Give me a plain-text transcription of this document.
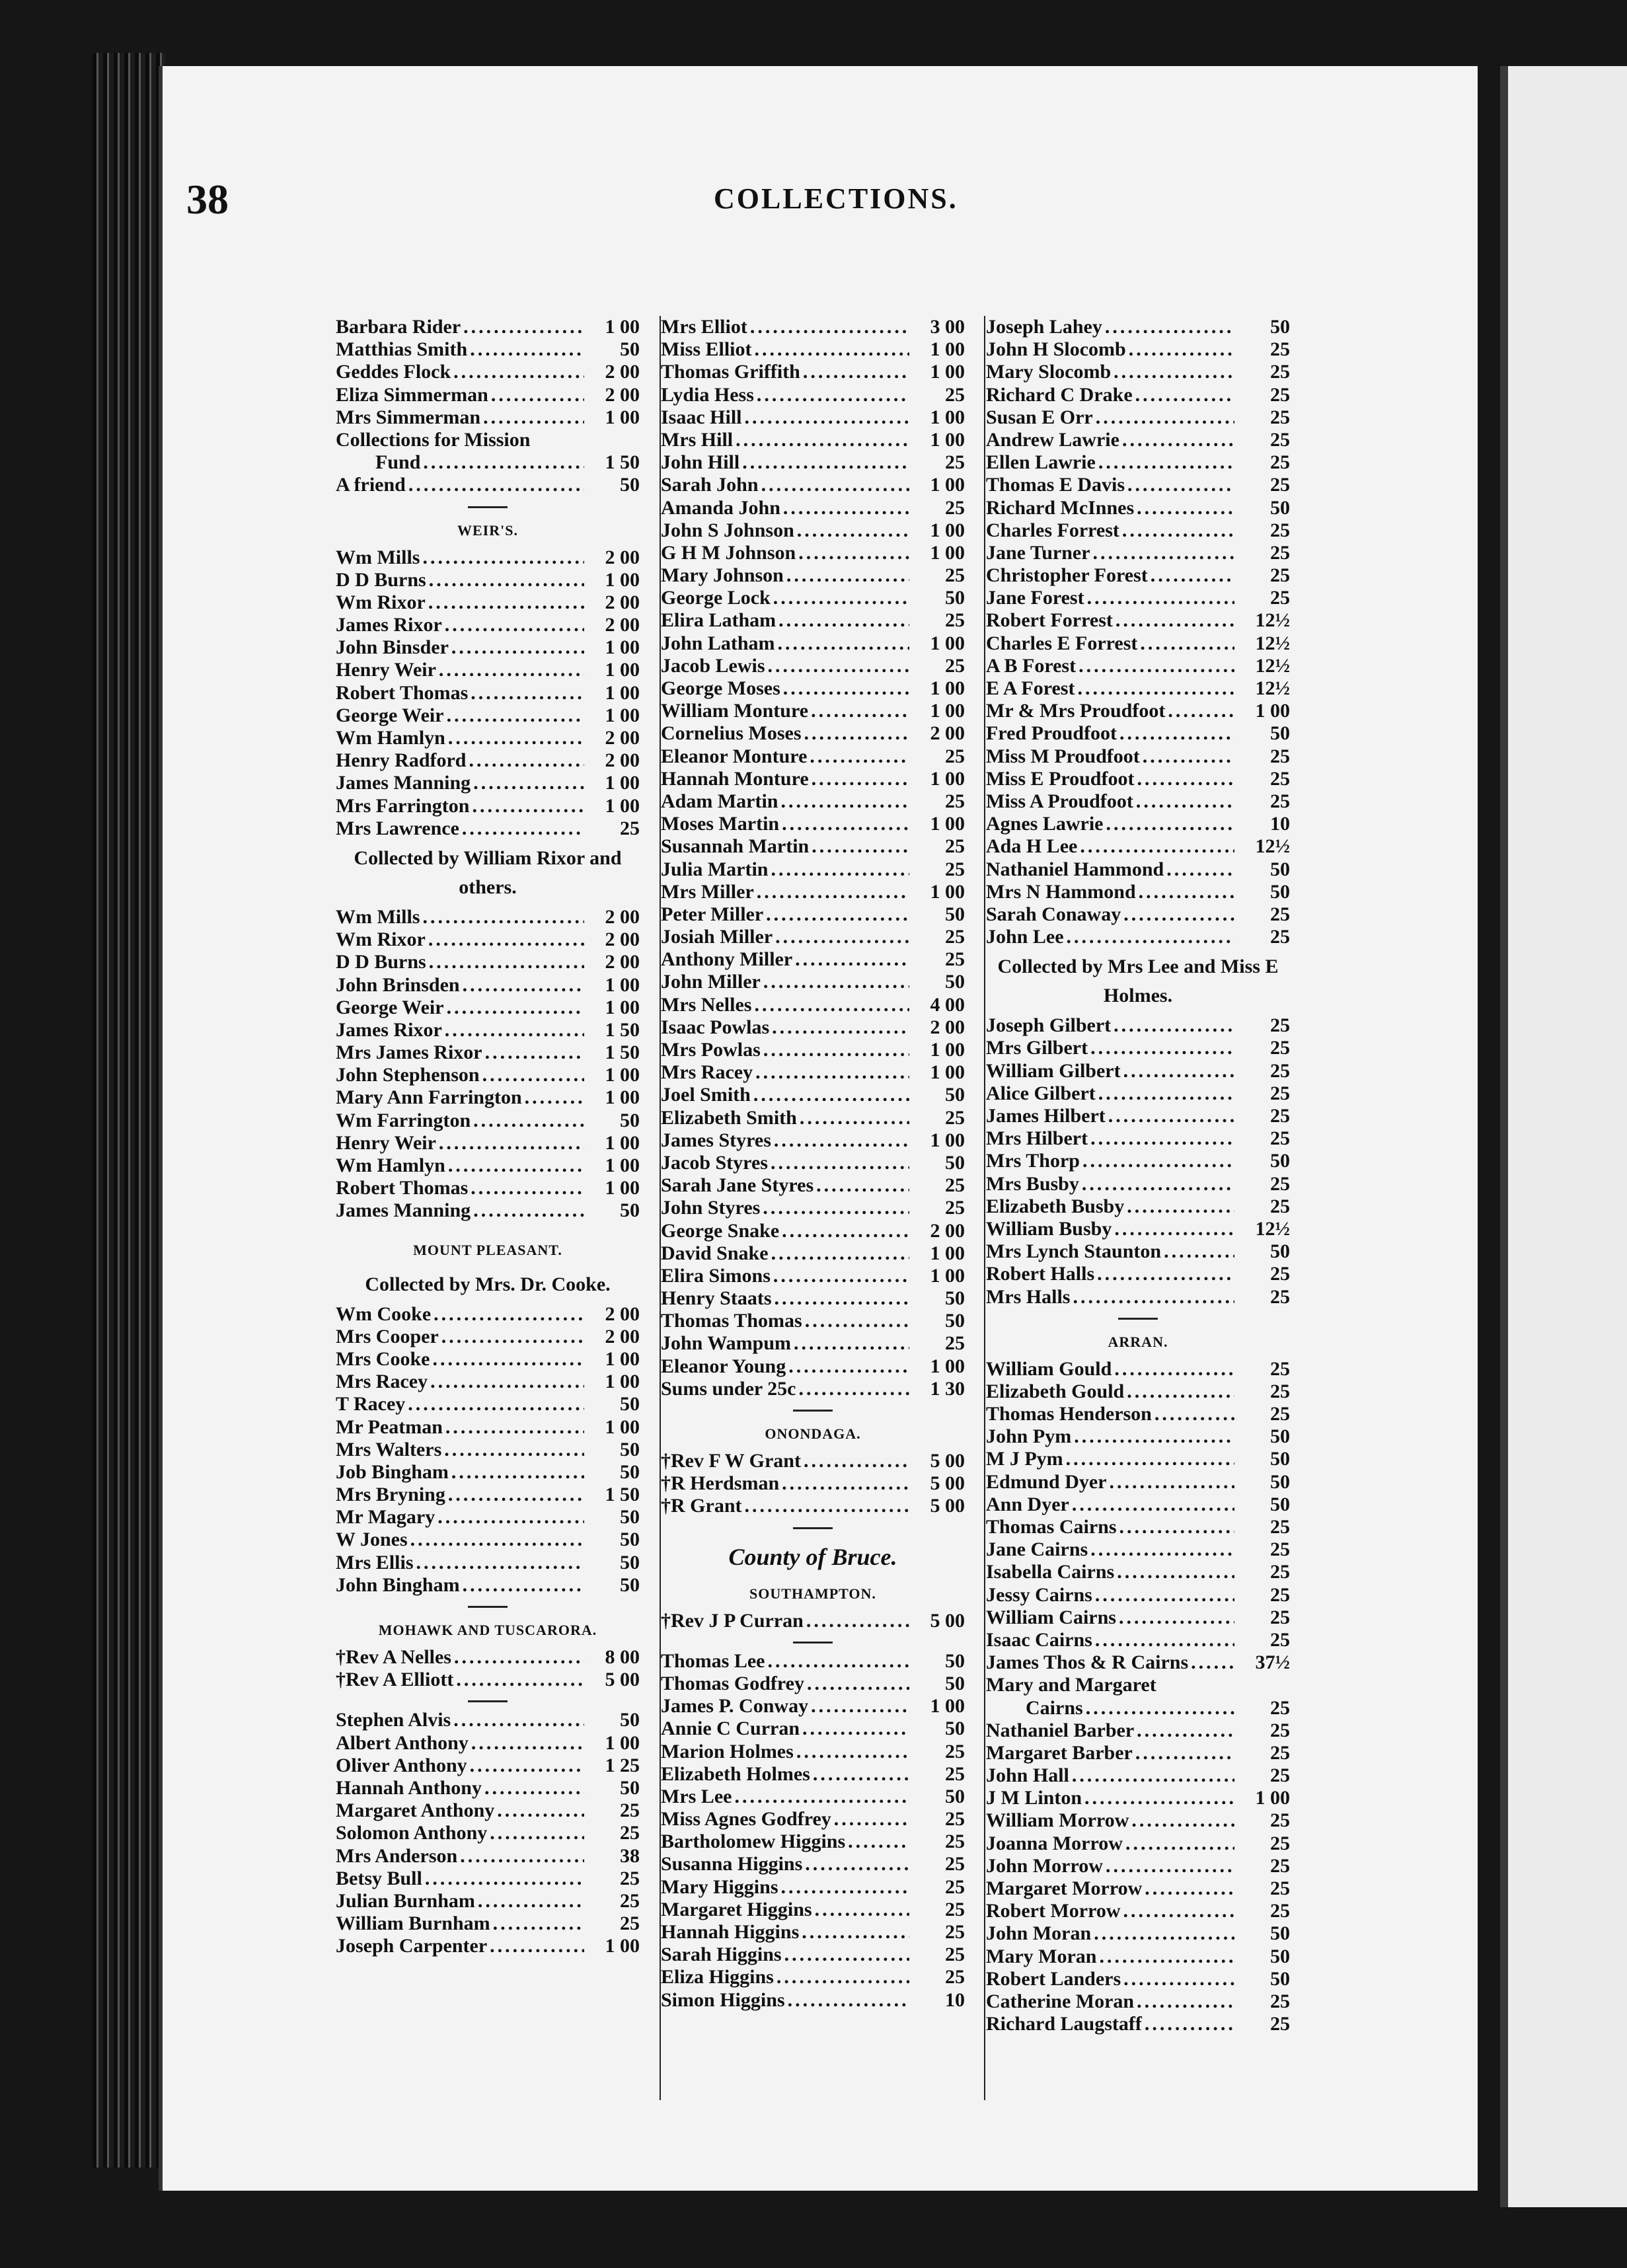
38	COLLECTIONS.
Barbara Rider .....	1 00
Matthias Smith .....	50
Geddes Flock .....	2 00
Eliza Simmerman .....	2 00
Mrs Simmerman .....	1 00
Collections for Mission
Fund .....	1 50
A friend .....	50
WEIR'S.
Wm Mills .....	2 00
D D Burns .....	1 00
Wm Rixor .....	2 00
James Rixor .....	2 00
John Binsder .....	1 00
Henry Weir .....	1 00
Robert Thomas .....	1 00
George Weir .....	1 00
Wm Hamlyn .....	2 00
Henry Radford .....	2 00
James Manning .....	1 00
Mrs Farrington .....	1 00
Mrs Lawrence .....	25
Collected by William Rixor and others.
Wm Mills .....	2 00
Wm Rixor .....	2 00
D D Burns .....	2 00
John Brinsden .....	1 00
George Weir .....	1 00
James Rixor .....	1 50
Mrs James Rixor .....	1 50
John Stephenson .....	1 00
Mary Ann Farrington .....	1 00
Wm Farrington .....	50
Henry Weir .....	1 00
Wm Hamlyn .....	1 00
Robert Thomas .....	1 00
James Manning .....	50
MOUNT PLEASANT.
Collected by Mrs. Dr. Cooke.
Wm Cooke .....	2 00
Mrs Cooper .....	2 00
Mrs Cooke .....	1 00
Mrs Racey .....	1 00
T Racey .....	50
Mr Peatman .....	1 00
Mrs Walters .....	50
Job Bingham .....	50
Mrs Bryning .....	1 50
Mr Magary .....	50
W Jones .....	50
Mrs Ellis .....	50
John Bingham .....	50
MOHAWK AND TUSCARORA.
†Rev A Nelles .....	8 00
†Rev A Elliott .....	5 00
Stephen Alvis .....	50
Albert Anthony .....	1 00
Oliver Anthony .....	1 25
Hannah Anthony .....	50
Margaret Anthony .....	25
Solomon Anthony .....	25
Mrs Anderson .....	38
Betsy Bull .....	25
Julian Burnham .....	25
William Burnham .....	25
Joseph Carpenter .....	1 00
Mrs Elliot .....	3 00
Miss Elliot .....	1 00
Thomas Griffith .....	1 00
Lydia Hess .....	25
Isaac Hill .....	1 00
Mrs Hill .....	1 00
John Hill .....	25
Sarah John .....	1 00
Amanda John .....	25
John S Johnson .....	1 00
G H M Johnson .....	1 00
Mary Johnson .....	25
George Lock .....	50
Elira Latham .....	25
John Latham .....	1 00
Jacob Lewis .....	25
George Moses .....	1 00
William Monture .....	1 00
Cornelius Moses .....	2 00
Eleanor Monture .....	25
Hannah Monture .....	1 00
Adam Martin .....	25
Moses Martin .....	1 00
Susannah Martin .....	25
Julia Martin .....	25
Mrs Miller .....	1 00
Peter Miller .....	50
Josiah Miller .....	25
Anthony Miller .....	25
John Miller .....	50
Mrs Nelles .....	4 00
Isaac Powlas .....	2 00
Mrs Powlas .....	1 00
Mrs Racey .....	1 00
Joel Smith .....	50
Elizabeth Smith .....	25
James Styres .....	1 00
Jacob Styres .....	50
Sarah Jane Styres .....	25
John Styres .....	25
George Snake .....	2 00
David Snake .....	1 00
Elira Simons .....	1 00
Henry Staats .....	50
Thomas Thomas .....	50
John Wampum .....	25
Eleanor Young .....	1 00
Sums under 25c .....	1 30
ONONDAGA.
†Rev F W Grant .....	5 00
†R Herdsman .....	5 00
†R Grant .....	5 00
County of Bruce.
SOUTHAMPTON.
†Rev J P Curran .....	5 00
Thomas Lee .....	50
Thomas Godfrey .....	50
James P. Conway .....	1 00
Annie C Curran .....	50
Marion Holmes .....	25
Elizabeth Holmes .....	25
Mrs Lee .....	50
Miss Agnes Godfrey .....	25
Bartholomew Higgins .....	25
Susanna Higgins .....	25
Mary Higgins .....	25
Margaret Higgins .....	25
Hannah Higgins .....	25
Sarah Higgins .....	25
Eliza Higgins .....	25
Simon Higgins .....	10
Joseph Lahey .....	50
John H Slocomb .....	25
Mary Slocomb .....	25
Richard C Drake .....	25
Susan E Orr .....	25
Andrew Lawrie .....	25
Ellen Lawrie .....	25
Thomas E Davis .....	25
Richard McInnes .....	50
Charles Forrest .....	25
Jane Turner .....	25
Christopher Forest .....	25
Jane Forest .....	25
Robert Forrest .....	12½
Charles E Forrest .....	12½
A B Forest .....	12½
E A Forest .....	12½
Mr & Mrs Proudfoot .....	1 00
Fred Proudfoot .....	50
Miss M Proudfoot .....	25
Miss E Proudfoot .....	25
Miss A Proudfoot .....	25
Agnes Lawrie .....	10
Ada H Lee .....	12½
Nathaniel Hammond .....	50
Mrs N Hammond .....	50
Sarah Conaway .....	25
John Lee .....	25
Collected by Mrs Lee and Miss E Holmes.
Joseph Gilbert .....	25
Mrs Gilbert .....	25
William Gilbert .....	25
Alice Gilbert .....	25
James Hilbert .....	25
Mrs Hilbert .....	25
Mrs Thorp .....	50
Mrs Busby .....	25
Elizabeth Busby .....	25
William Busby .....	12½
Mrs Lynch Staunton .....	50
Robert Halls .....	25
Mrs Halls .....	25
ARRAN.
William Gould .....	25
Elizabeth Gould .....	25
Thomas Henderson .....	25
John Pym .....	50
M J Pym .....	50
Edmund Dyer .....	50
Ann Dyer .....	50
Thomas Cairns .....	25
Jane Cairns .....	25
Isabella Cairns .....	25
Jessy Cairns .....	25
William Cairns .....	25
Isaac Cairns .....	25
James Thos & R Cairns .....	37½
Mary and Margaret
Cairns .....	25
Nathaniel Barber .....	25
Margaret Barber .....	25
John Hall .....	25
J M Linton .....	1 00
William Morrow .....	25
Joanna Morrow .....	25
John Morrow .....	25
Margaret Morrow .....	25
Robert Morrow .....	25
John Moran .....	50
Mary Moran .....	50
Robert Landers .....	50
Catherine Moran .....	25
Richard Laugstaff .....	25
